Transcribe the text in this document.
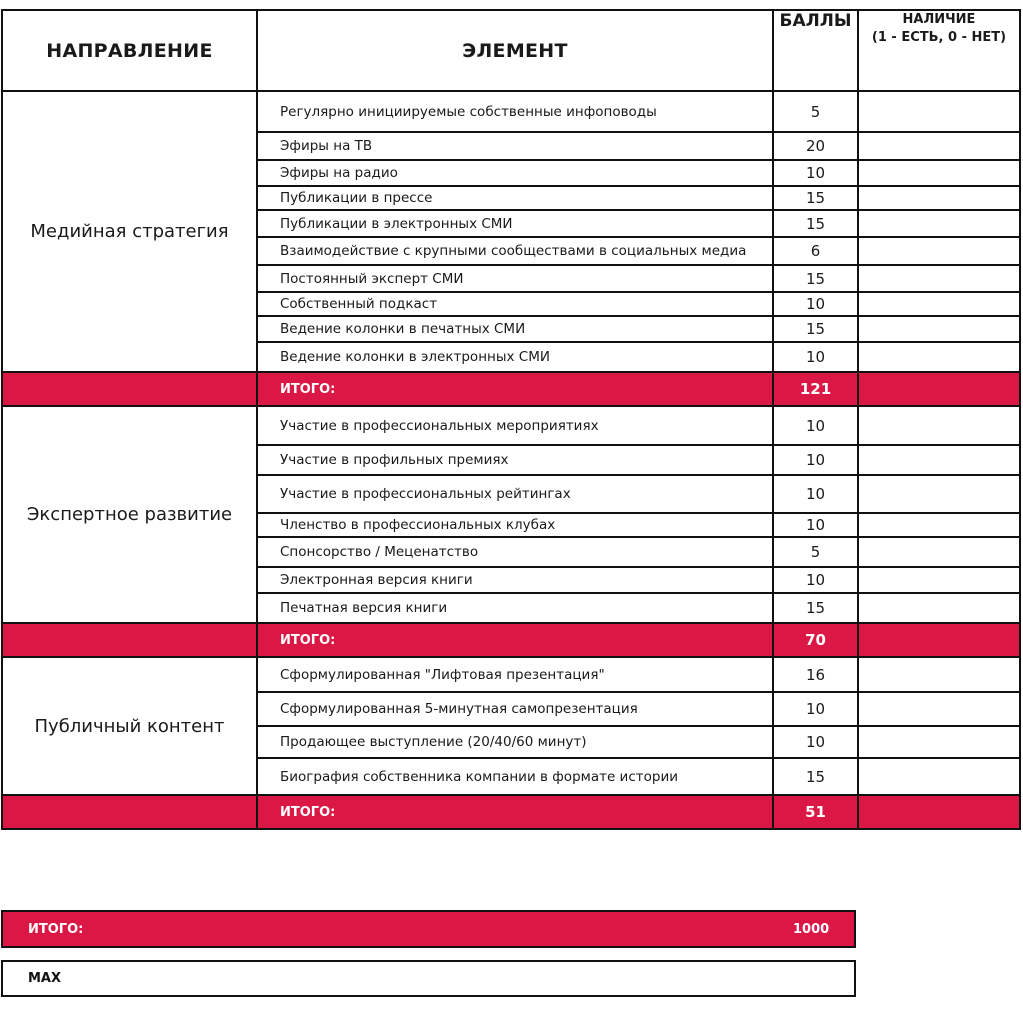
НАПРАВЛЕНИЕ	ЭЛЕМЕНТ	БАЛЛЫ	НАЛИЧИЕ
(1 - ЕСТЬ, 0 - НЕТ)

Медийная стратегия	Регулярно инициируемые собственные инфоповоды	5	
	Эфиры на ТВ	20	
	Эфиры на радио	10	
	Публикации в прессе	15	
	Публикации в электронных СМИ	15	
	Взаимодействие с крупными сообществами в социальных медиа	6	
	Постоянный эксперт СМИ	15	
	Собственный подкаст	10	
	Ведение колонки в печатных СМИ	15	
	Ведение колонки в электронных СМИ	10	
	ИТОГО:	121	
Экспертное развитие	Участие в профессиональных мероприятиях	10	
	Участие в профильных премиях	10	
	Участие в профессиональных рейтингах	10	
	Членство в профессиональных клубах	10	
	Спонсорство / Меценатство	5	
	Электронная версия книги	10	
	Печатная версия книги	15	
	ИТОГО:	70	
Публичный контент	Сформулированная "Лифтовая презентация"	16	
	Сформулированная 5-минутная самопрезентация	10	
	Продающее выступление (20/40/60 минут)	10	
	Биография собственника компании в формате истории	15	
	ИТОГО:	51	
ИТОГО:	1000
MAX
